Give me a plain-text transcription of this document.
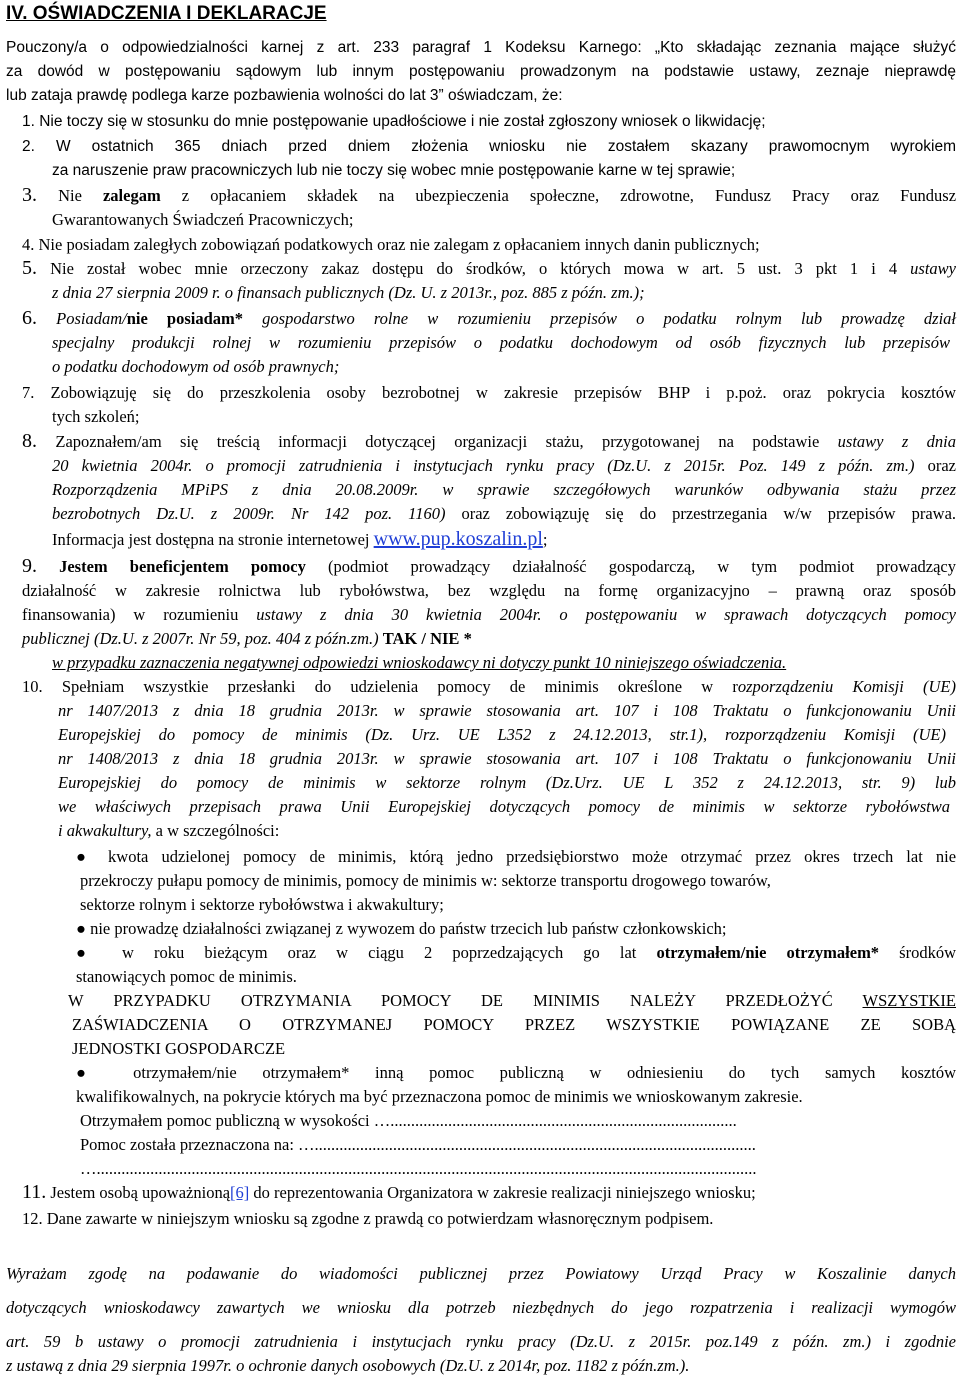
IV. OŚWIADCZENIA I DEKLARACJE
Pouczony/a o odpowiedzialności karnej z art. 233 paragraf 1 Kodeksu Karnego: „Kto składając zeznania mające służyć
za dowód w postępowaniu sądowym lub innym postępowaniu prowadzonym na podstawie ustawy, zeznaje nieprawdę
lub zataja prawdę podlega karze pozbawienia wolności do lat 3” oświadczam, że:
1. Nie toczy się w stosunku do mnie postępowanie upadłościowe i nie został zgłoszony wniosek o likwidację;
2. W ostatnich 365 dniach przed dniem złożenia wniosku nie zostałem skazany prawomocnym wyrokiem
za naruszenie praw pracowniczych lub nie toczy się wobec mnie postępowanie karne w tej sprawie;
3. Nie zalegam z opłacaniem składek na ubezpieczenia społeczne, zdrowotne, Fundusz Pracy oraz Fundusz
Gwarantowanych Świadczeń Pracowniczych;
4. Nie posiadam zaległych zobowiązań podatkowych oraz nie zalegam z opłacaniem innych danin publicznych;
5. Nie został wobec mnie orzeczony zakaz dostępu do środków, o których mowa w art. 5 ust. 3 pkt 1 i 4 ustawy
z dnia 27 sierpnia 2009 r. o finansach publicznych (Dz. U. z 2013r., poz. 885 z późn. zm.);
6. Posiadam/nie posiadam* gospodarstwo rolne w rozumieniu przepisów o podatku rolnym lub prowadzę dział
specjalny produkcji rolnej w rozumieniu przepisów o podatku dochodowym od osób fizycznych lub przepisów
o podatku dochodowym od osób prawnych;
7. Zobowiązuję się do przeszkolenia osoby bezrobotnej w zakresie przepisów BHP i p.poż. oraz pokrycia kosztów
tych szkoleń;
8. Zapoznałem/am się treścią informacji dotyczącej organizacji stażu, przygotowanej na podstawie ustawy z dnia
20 kwietnia 2004r. o promocji zatrudnienia i instytucjach rynku pracy (Dz.U. z 2015r. Poz. 149 z późn. zm.) oraz
Rozporządzenia MPiPS z dnia 20.08.2009r. w sprawie szczegółowych warunków odbywania stażu przez
bezrobotnych Dz.U. z 2009r. Nr 142 poz. 1160) oraz zobowiązuję się do przestrzegania w/w przepisów prawa.
Informacja jest dostępna na stronie internetowej www.pup.koszalin.pl;
9. Jestem beneficjentem pomocy (podmiot prowadzący działalność gospodarczą, w tym podmiot prowadzący
działalność w zakresie rolnictwa lub rybołówstwa, bez względu na formę organizacyjno – prawną oraz sposób
finansowania) w rozumieniu ustawy z dnia 30 kwietnia 2004r. o postępowaniu w sprawach dotyczących pomocy
publicznej (Dz.U. z 2007r. Nr 59, poz. 404 z późn.zm.) TAK / NIE *
w przypadku zaznaczenia negatywnej odpowiedzi wnioskodawcy ni dotyczy punkt 10 niniejszego oświadczenia.
10. Spełniam wszystkie przesłanki do udzielenia pomocy de minimis określone w rozporządzeniu Komisji (UE)
nr 1407/2013 z dnia 18 grudnia 2013r. w sprawie stosowania art. 107 i 108 Traktatu o funkcjonowaniu Unii
Europejskiej do pomocy de minimis (Dz. Urz. UE L352 z 24.12.2013, str.1), rozporządzeniu Komisji (UE)
nr 1408/2013 z dnia 18 grudnia 2013r. w sprawie stosowania art. 107 i 108 Traktatu o funkcjonowaniu Unii
Europejskiej do pomocy de minimis w sektorze rolnym (Dz.Urz. UE L 352 z 24.12.2013, str. 9) lub
we właściwych przepisach prawa Unii Europejskiej dotyczących pomocy de minimis w sektorze rybołówstwa
i akwakultury, a w szczególności:
● kwota udzielonej pomocy de minimis, którą jedno przedsiębiorstwo może otrzymać przez okres trzech lat nie
przekroczy pułapu pomocy de minimis, pomocy de minimis w: sektorze transportu drogowego towarów,
sektorze rolnym i sektorze rybołówstwa i akwakultury;
● nie prowadzę działalności związanej z wywozem do państw trzecich lub państw członkowskich;
● w roku bieżącym oraz w ciągu 2 poprzedzających go lat otrzymałem/nie otrzymałem* środków
stanowiących pomoc de minimis.
W PRZYPADKU OTRZYMANIA POMOCY DE MINIMIS NALEŻY PRZEDŁOŻYĆ WSZYSTKIE
ZAŚWIADCZENIA O OTRZYMANEJ POMOCY PRZEZ WSZYSTKIE POWIĄZANE ZE SOBĄ
JEDNOSTKI GOSPODARCZE
● otrzymałem/nie otrzymałem* inną pomoc publiczną w odniesieniu do tych samych kosztów
kwalifikowalnych, na pokrycie których ma być przeznaczona pomoc de minimis we wnioskowanym zakresie.
Otrzymałem pomoc publiczną w wysokości …....................................................................................
Pomoc została przeznaczona na: …...........................................................................................................
…................................................................................................................................................................
11. Jestem osobą upoważnioną[6] do reprezentowania Organizatora w zakresie realizacji niniejszego wniosku;
12. Dane zawarte w niniejszym wniosku są zgodne z prawdą co potwierdzam własnoręcznym podpisem.
Wyrażam zgodę na podawanie do wiadomości publicznej przez Powiatowy Urząd Pracy w Koszalinie danych
dotyczących wnioskodawcy zawartych we wniosku dla potrzeb niezbędnych do jego rozpatrzenia i realizacji wymogów
art. 59 b ustawy o promocji zatrudnienia i instytucjach rynku pracy (Dz.U. z 2015r. poz.149 z późn. zm.) i zgodnie
z ustawą z dnia 29 sierpnia 1997r. o ochronie danych osobowych (Dz.U. z 2014r, poz. 1182 z późn.zm.).
